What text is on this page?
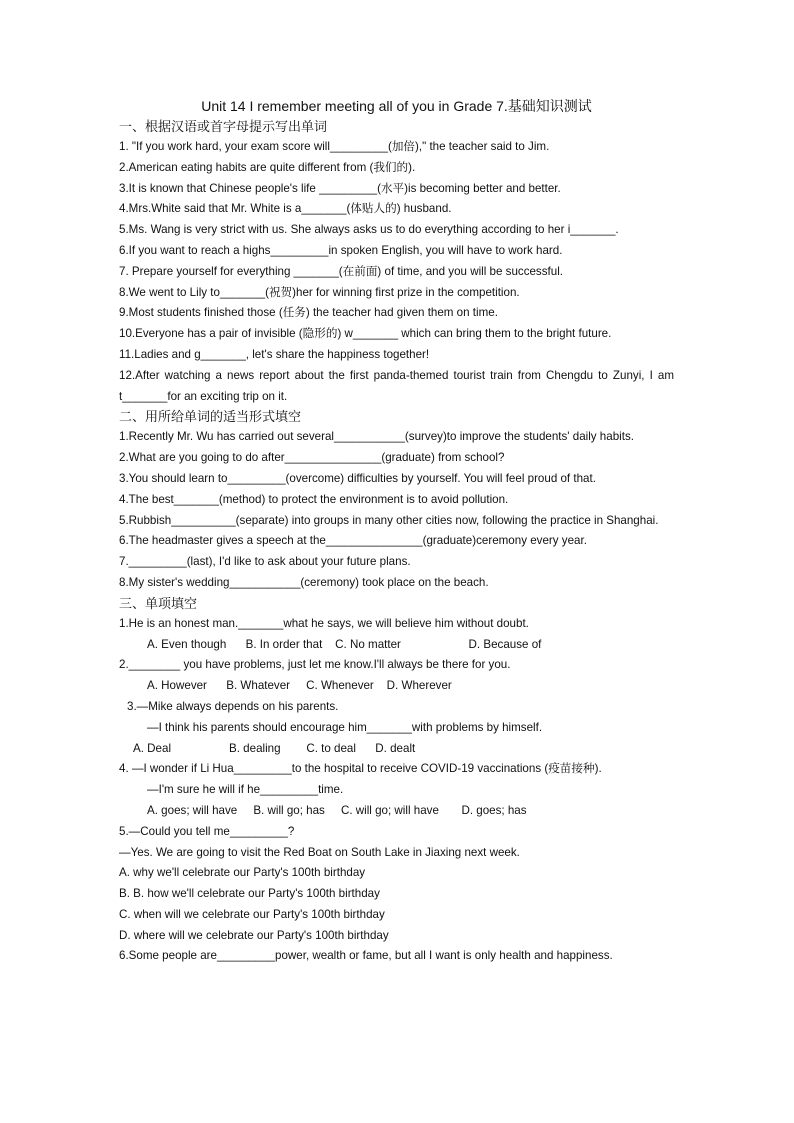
Unit 14 I remember meeting all of you in Grade 7.基础知识测试
一、根据汉语或首字母提示写出单词

1. "If you work hard, your exam score will_________(加倍)," the teacher said to Jim.

2.American eating habits are quite different from (我们的).

3.It is known that Chinese people's life _________(水平)is becoming better and better.

4.Mrs.White said that Mr. White is a_______(体贴人的) husband.

5.Ms. Wang is very strict with us. She always asks us to do everything according to her i_______.

6.If you want to reach a highs_________in spoken English, you will have to work hard.

7. Prepare yourself for everything _______(在前面) of time, and you will be successful.

8.We went to Lily to_______(祝贺)her for winning first prize in the competition.

9.Most students finished those (任务) the teacher had given them on time.

10.Everyone has a pair of invisible (隐形的) w_______ which can bring them to the bright future.

11.Ladies and g_______, let's share the happiness together!

12.After watching a news report about the first panda-themed tourist train from Chengdu to Zunyi, I am t_______for an exciting trip on it.

二、用所给单词的适当形式填空

1.Recently Mr. Wu has carried out several___________(survey)to improve the students' daily habits.

2.What are you going to do after_______________(graduate) from school?

3.You should learn to_________(overcome) difficulties by yourself. You will feel proud of that.

4.The best_______(method) to protect the environment is to avoid pollution.

5.Rubbish__________(separate) into groups in many other cities now, following the practice in Shanghai.

6.The headmaster gives a speech at the_______________(graduate)ceremony every year.

7._________(last), I'd like to ask about your future plans.

8.My sister's wedding___________(ceremony) took place on the beach.

三、单项填空

1.He is an honest man._______what he says, we will believe him without doubt.

A. Even though      B. In order that    C. No matter                     D. Because of

2.________ you have problems, just let me know.I'll always be there for you.

A. However      B. Whatever     C. Whenever    D. Wherever

3.—Mike always depends on his parents.

—I think his parents should encourage him_______with problems by himself.

A. Deal                  B. dealing        C. to deal      D. dealt

4. —I wonder if Li Hua_________to the hospital to receive COVID-19 vaccinations (疫苗接种).

—I'm sure he will if he_________time.

A. goes; will have     B. will go; has     C. will go; will have       D. goes; has

5.—Could you tell me_________?

—Yes. We are going to visit the Red Boat on South Lake in Jiaxing next week.

A. why we'll celebrate our Party's 100th birthday

B. B. how we'll celebrate our Party's 100th birthday

C. when will we celebrate our Party's 100th birthday

D. where will we celebrate our Party's 100th birthday

6.Some people are_________power, wealth or fame, but all I want is only health and happiness.
